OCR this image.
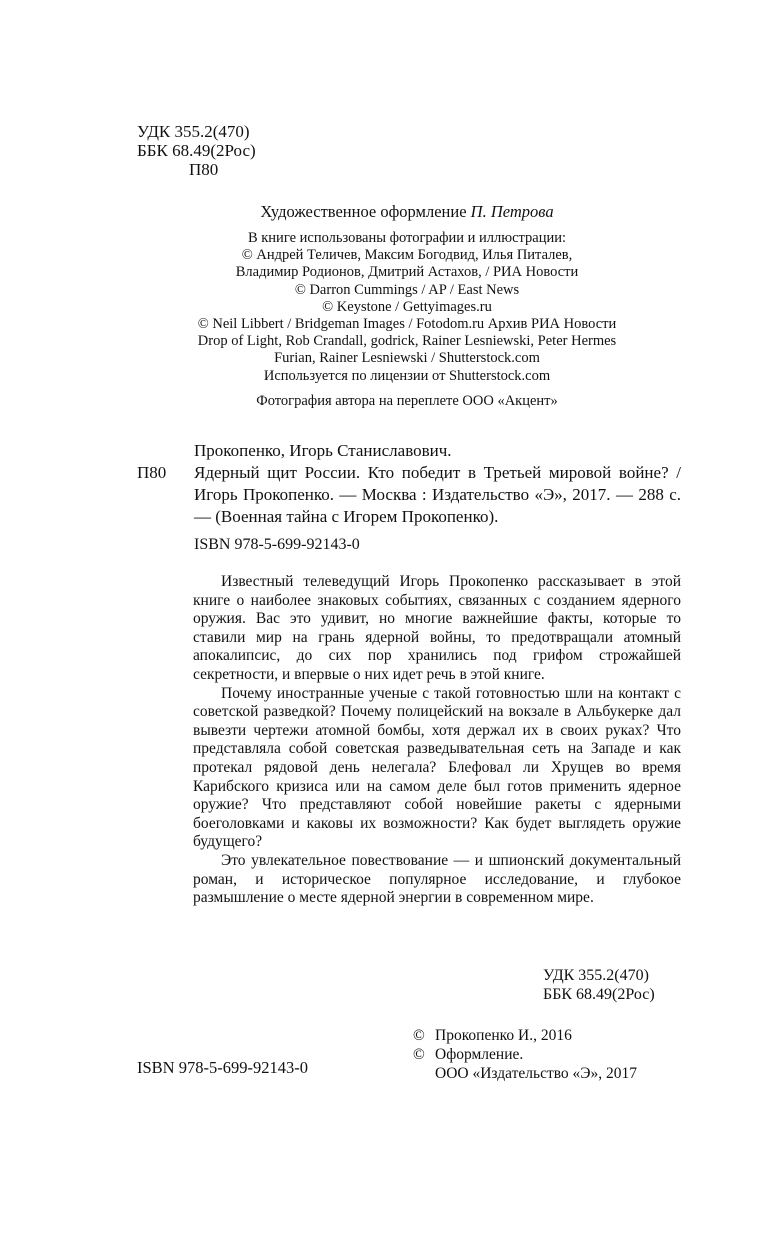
УДК 355.2(470)
ББК 68.49(2Рос)
П80
Художественное оформление П. Петрова
В книге использованы фотографии и иллюстрации:
© Андрей Теличев, Максим Богодвид, Илья Питалев,
Владимир Родионов, Дмитрий Астахов, / РИА Новости
© Darron Cummings / AP / East News
© Keystone / Gettyimages.ru
© Neil Libbert / Bridgeman Images / Fotodom.ru Архив РИА Новости
Drop of Light, Rob Crandall, godrick, Rainer Lesniewski, Peter Hermes
Furian, Rainer Lesniewski / Shutterstock.com
Используется по лицензии от Shutterstock.com
Фотография автора на переплете ООО «Акцент»
Прокопенко, Игорь Станиславович.
П80	Ядерный щит России. Кто победит в Третьей мировой войне? / Игорь Прокопенко. — Москва : Издательство «Э», 2017. — 288 с. — (Военная тайна с Игорем Прокопенко).
ISBN 978-5-699-92143-0

Известный телеведущий Игорь Прокопенко рассказывает в этой книге о наиболее знаковых событиях, связанных с созданием ядерного оружия. Вас это удивит, но многие важнейшие факты, которые то ставили мир на грань ядерной войны, то предотвращали атомный апокалипсис, до сих пор хранились под грифом строжайшей секретности, и впервые о них идет речь в этой книге.

Почему иностранные ученые с такой готовностью шли на контакт с советской разведкой? Почему полицейский на вокзале в Альбукерке дал вывезти чертежи атомной бомбы, хотя держал их в своих руках? Что представляла собой советская разведывательная сеть на Западе и как протекал рядовой день нелегала? Блефовал ли Хрущев во время Карибского кризиса или на самом деле был готов применить ядерное оружие? Что представляют собой новейшие ракеты с ядерными боеголовками и каковы их возможности? Как будет выглядеть оружие будущего?

Это увлекательное повествование — и шпионский документальный роман, и историческое популярное исследование, и глубокое размышление о месте ядерной энергии в современном мире.

УДК 355.2(470)
ББК 68.49(2Рос)
© Прокопенко И., 2016
© Оформление.
ООО «Издательство «Э», 2017
ISBN 978-5-699-92143-0
